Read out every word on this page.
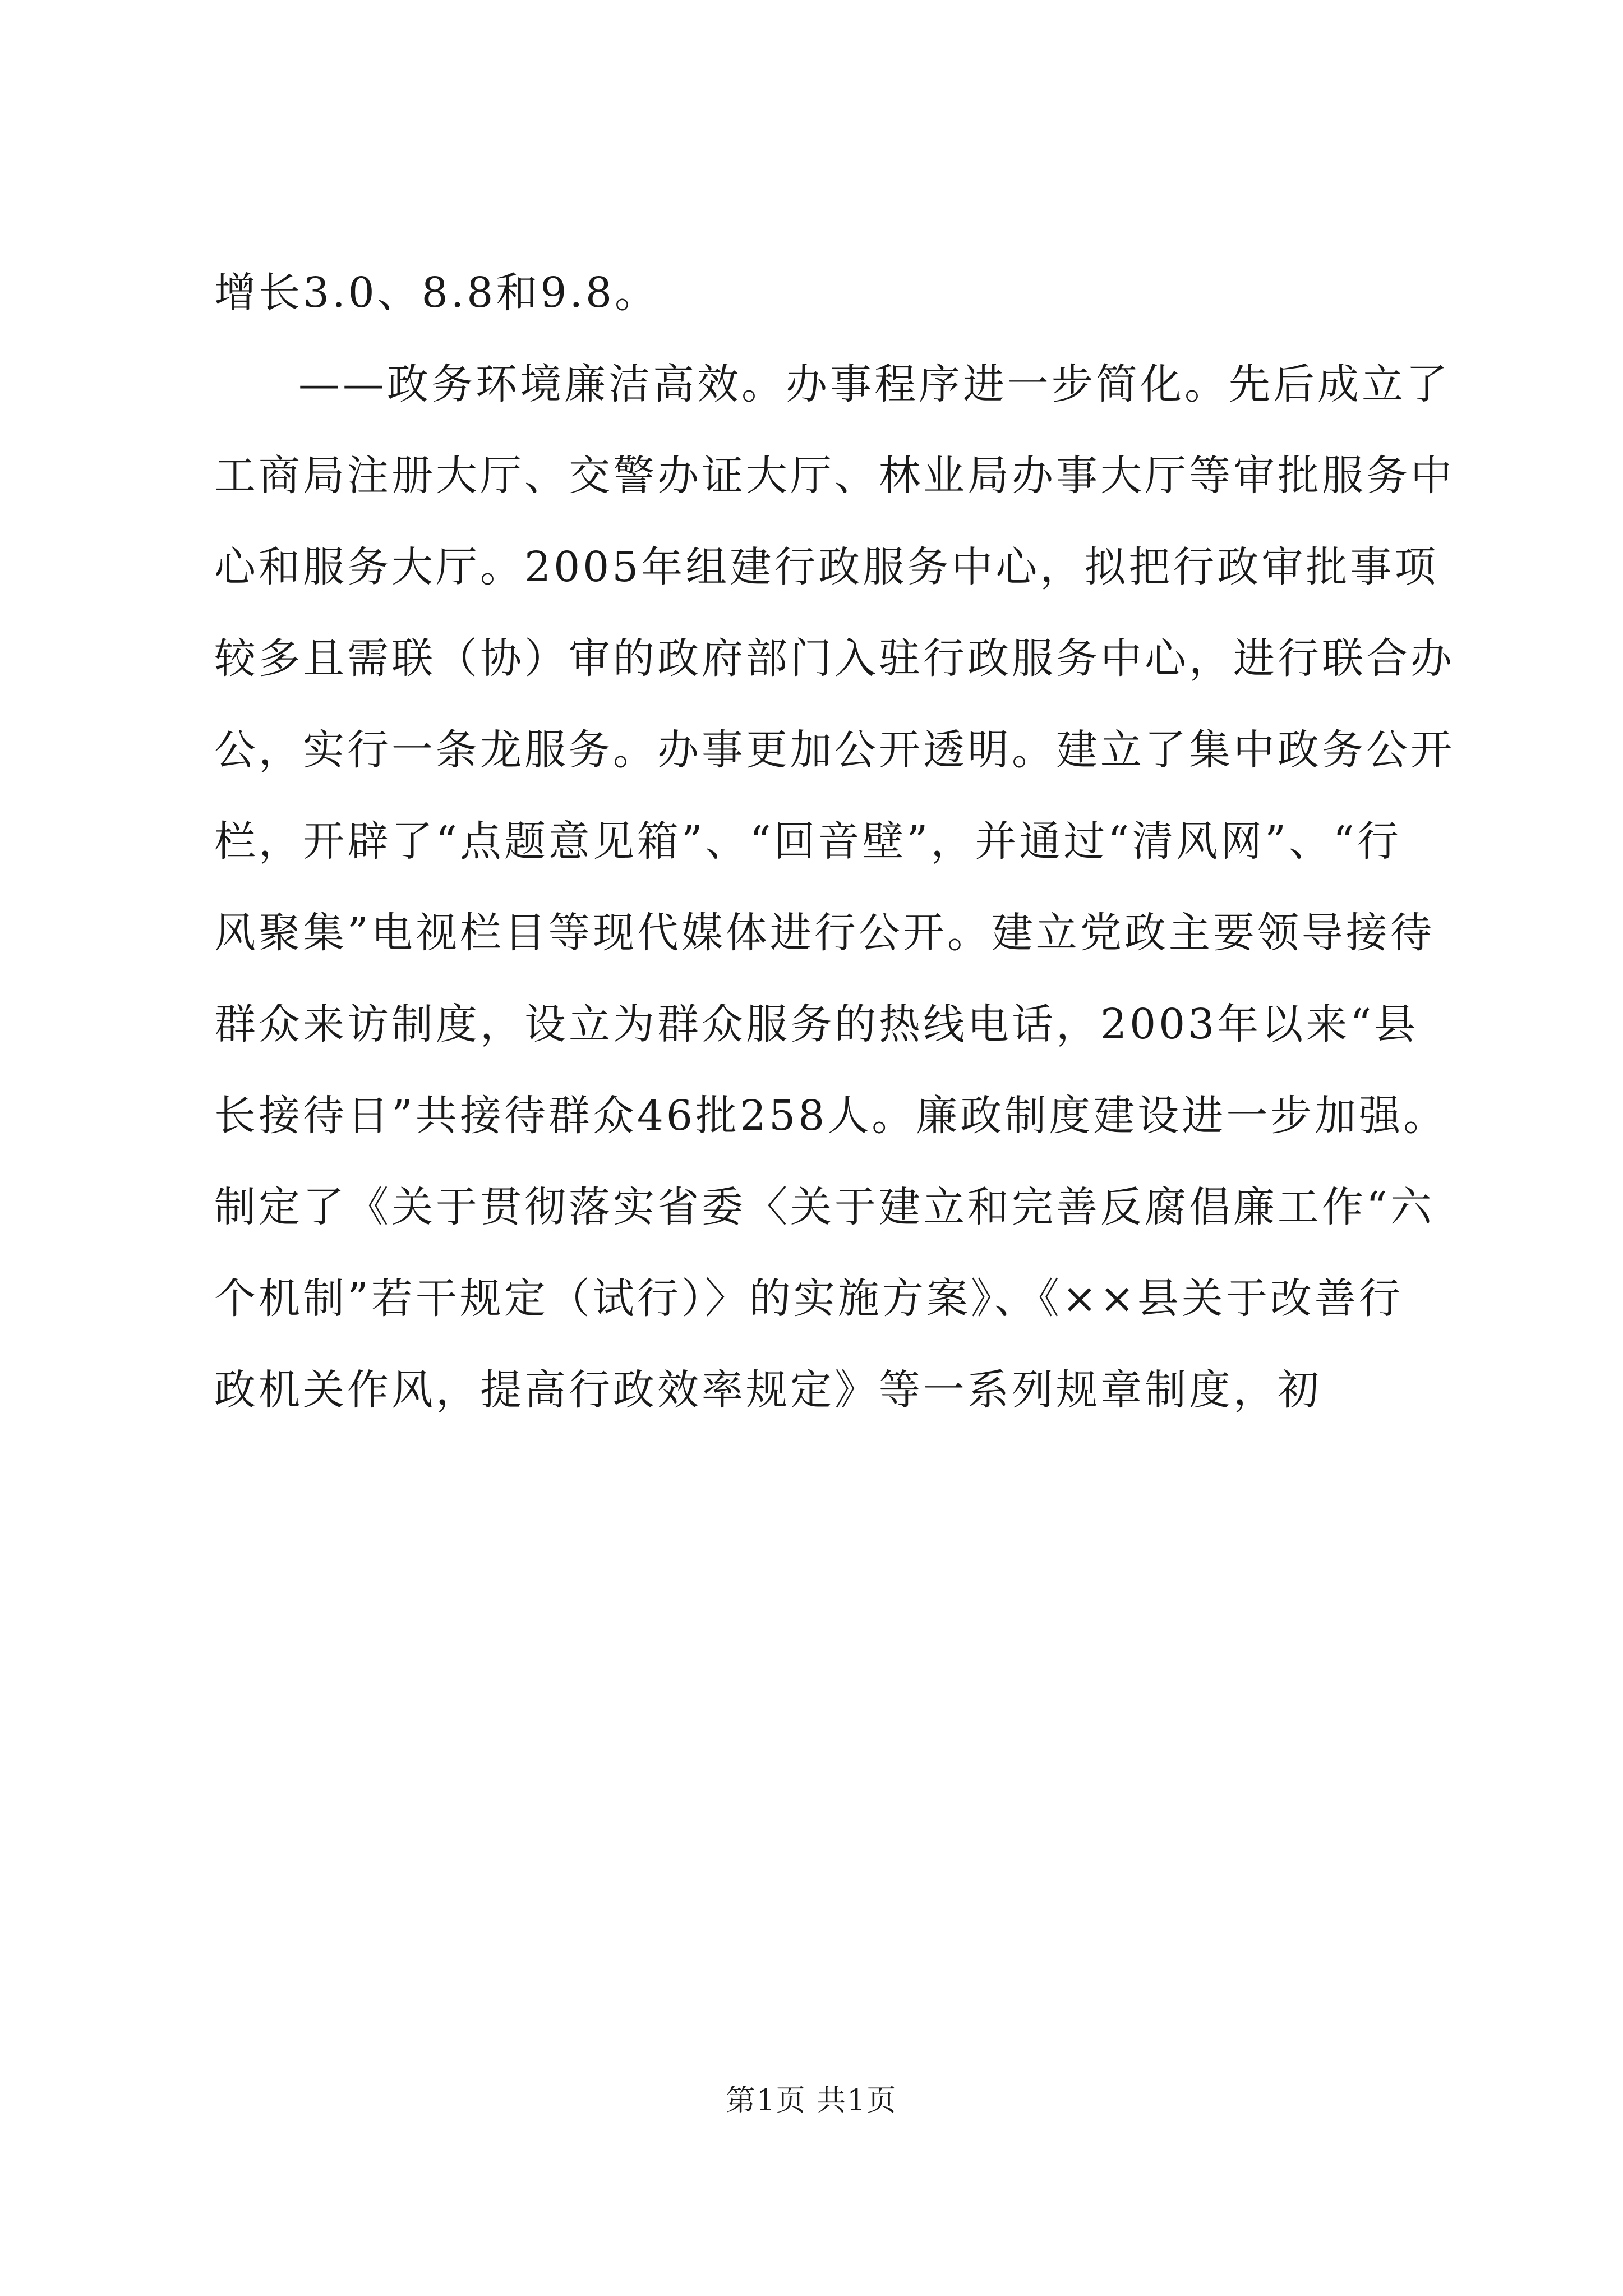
增长3.0、8.8和9.8。
——政务环境廉洁高效。办事程序进一步简化。先后成立了
工商局注册大厅、交警办证大厅、林业局办事大厅等审批服务中
心和服务大厅。2005年组建行政服务中心，拟把行政审批事项
较多且需联（协）审的政府部门入驻行政服务中心，进行联合办
公，实行一条龙服务。办事更加公开透明。建立了集中政务公开
栏，开辟了“点题意见箱”、“回音壁”，并通过“清风网”、“行
风聚集”电视栏目等现代媒体进行公开。建立党政主要领导接待
群众来访制度，设立为群众服务的热线电话，2003年以来“县
长接待日”共接待群众46批258人。廉政制度建设进一步加强。
制定了《关于贯彻落实省委〈关于建立和完善反腐倡廉工作“六
个机制”若干规定（试行）〉的实施方案》、《××县关于改善行
政机关作风，提高行政效率规定》等一系列规章制度，初
第1页 共1页
